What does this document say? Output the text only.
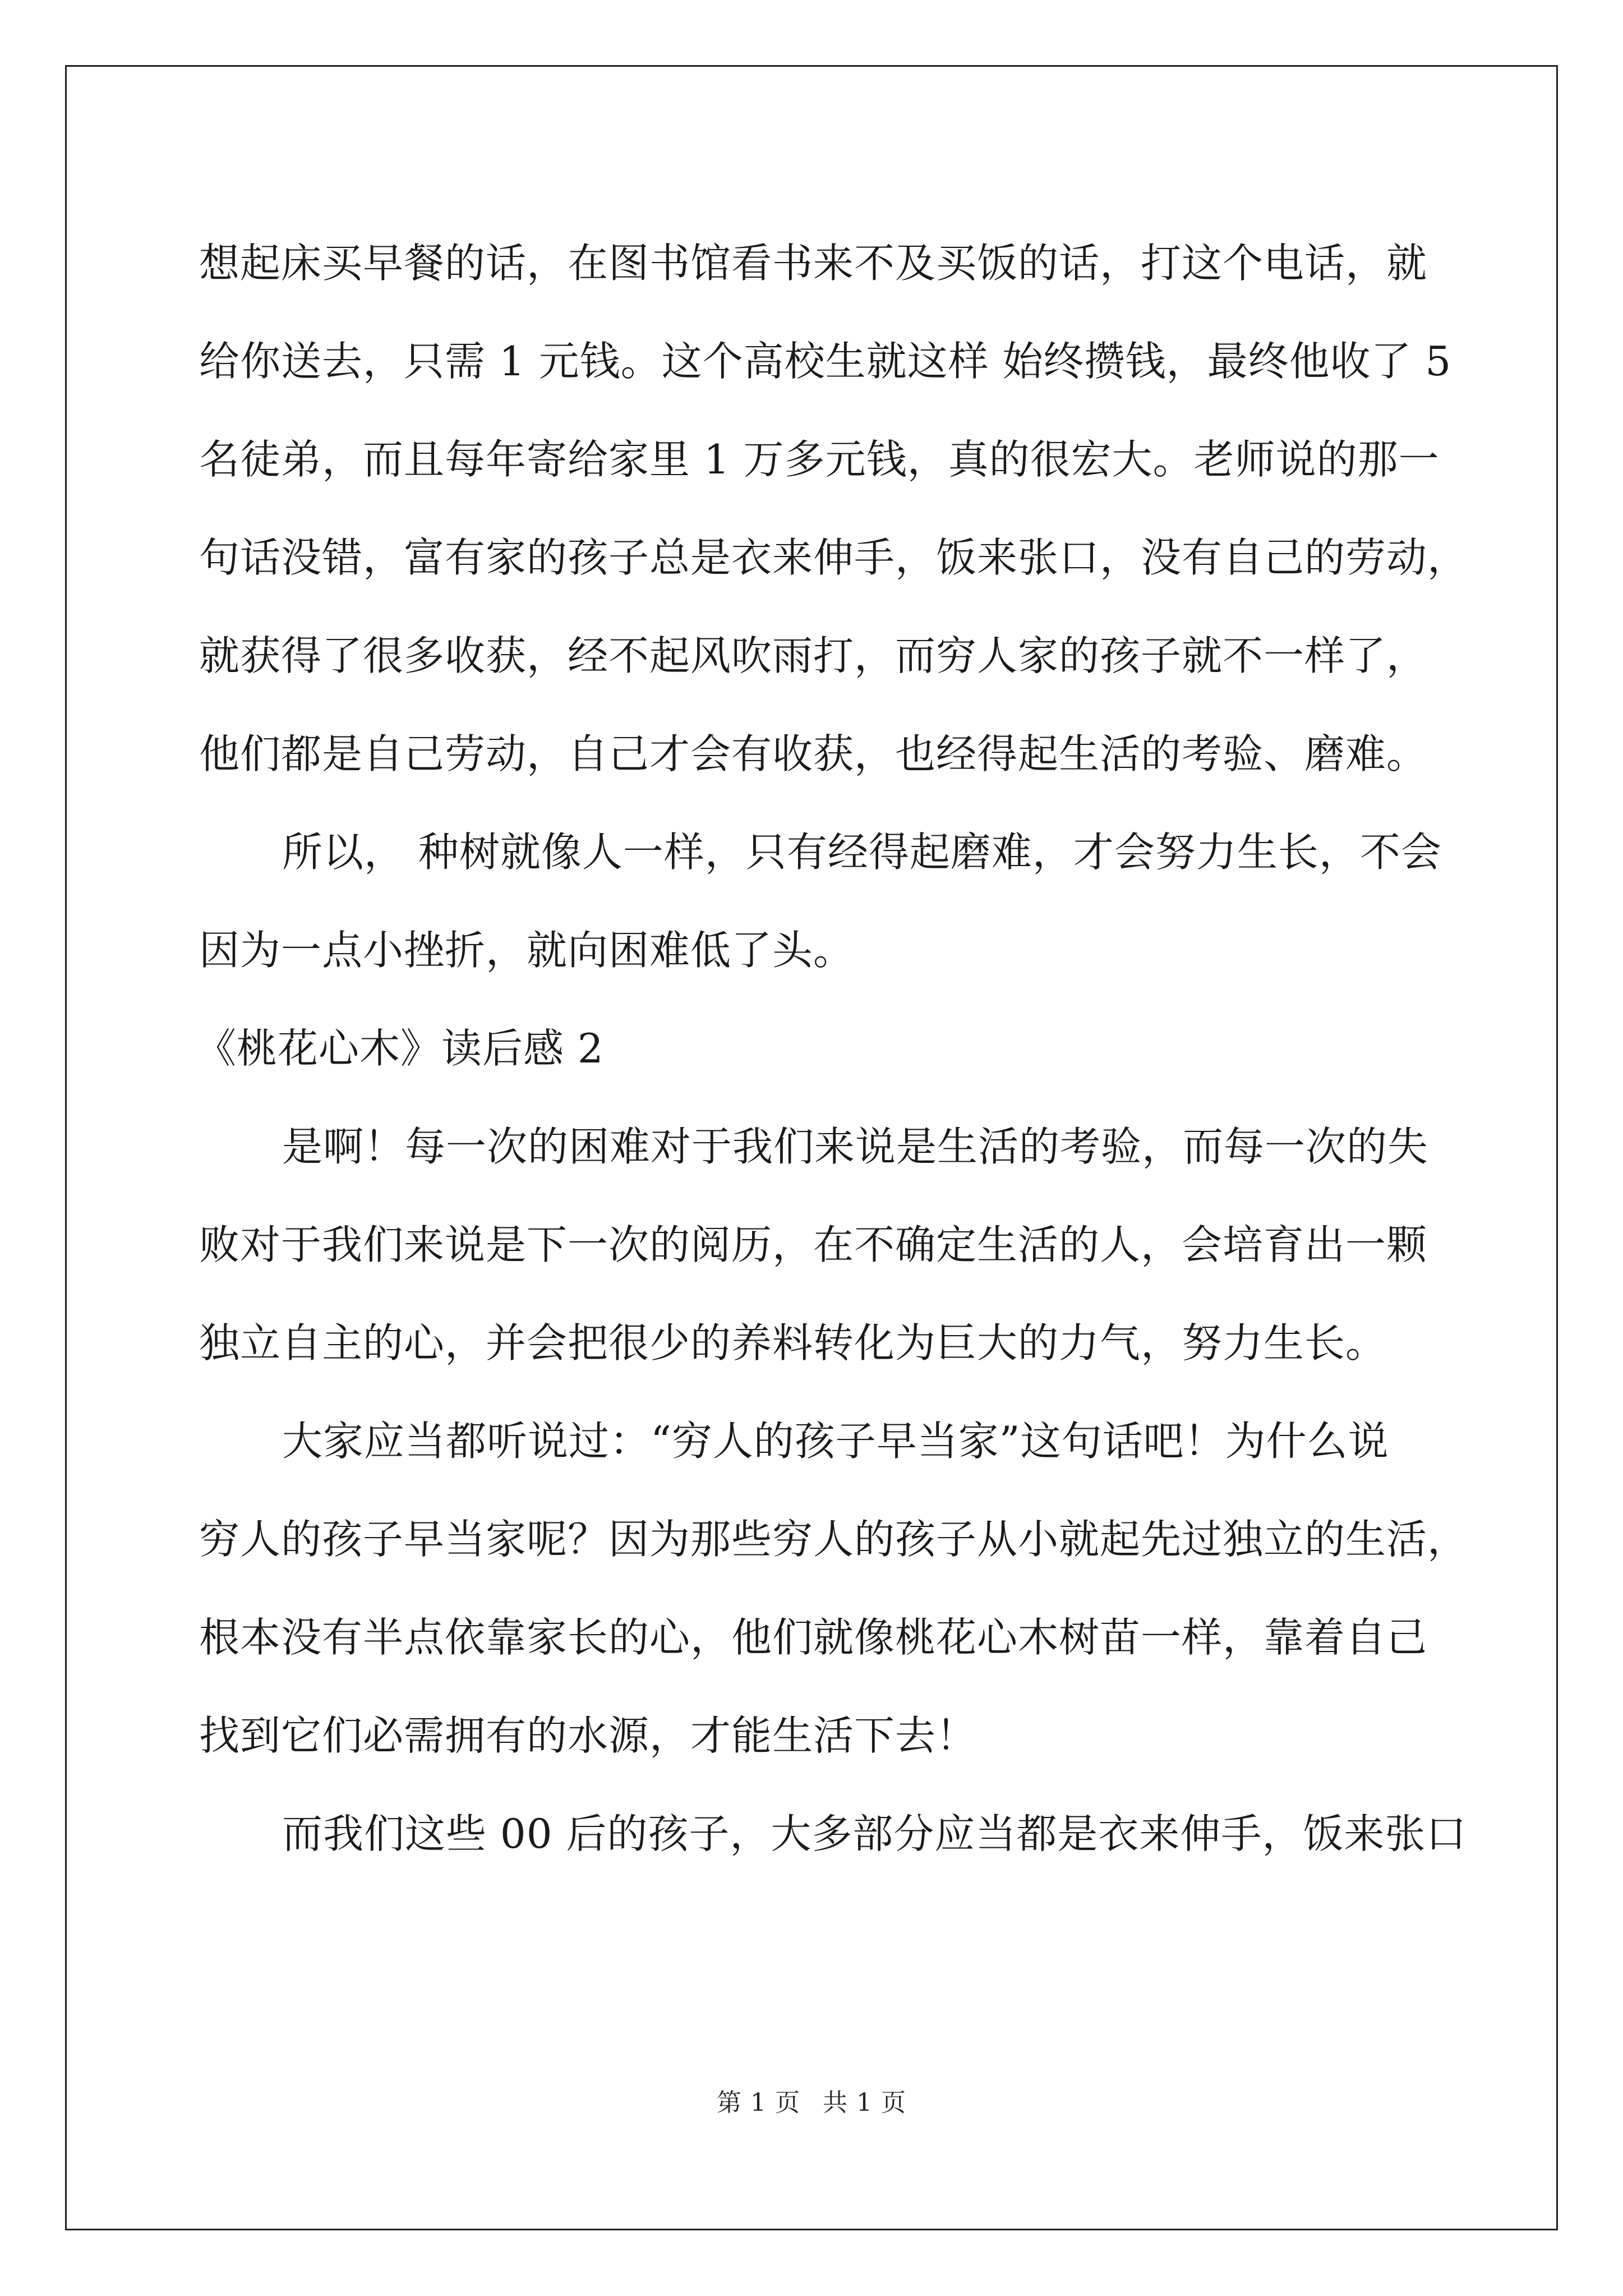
想起床买早餐的话，在图书馆看书来不及买饭的话，打这个电话，就
给你送去，只需 1 元钱。这个高校生就这样 始终攒钱，最终他收了 5
名徒弟，而且每年寄给家里 1 万多元钱，真的很宏大。老师说的那一
句话没错，富有家的孩子总是衣来伸手，饭来张口，没有自己的劳动，
就获得了很多收获，经不起风吹雨打，而穷人家的孩子就不一样了，
他们都是自己劳动，自己才会有收获，也经得起生活的考验、磨难。
所以， 种树就像人一样，只有经得起磨难，才会努力生长，不会
因为一点小挫折，就向困难低了头。
《桃花心木》读后感 2
是啊！每一次的困难对于我们来说是生活的考验，而每一次的失
败对于我们来说是下一次的阅历，在不确定生活的人，会培育出一颗
独立自主的心，并会把很少的养料转化为巨大的力气，努力生长。
大家应当都听说过：“穷人的孩子早当家”这句话吧！为什么说
穷人的孩子早当家呢？因为那些穷人的孩子从小就起先过独立的生活，
根本没有半点依靠家长的心，他们就像桃花心木树苗一样，靠着自己
找到它们必需拥有的水源，才能生活下去！
而我们这些 00 后的孩子，大多部分应当都是衣来伸手，饭来张口
第 1 页 共 1 页
